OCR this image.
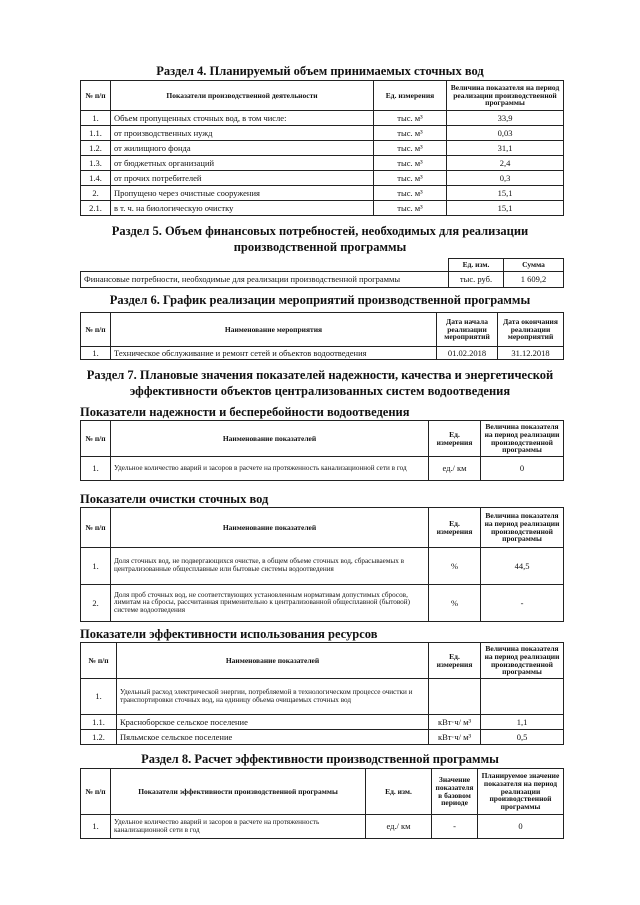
Раздел 4. Планируемый объем принимаемых сточных вод
№ п/п	Показатели производственной деятельности	Ед. измерения	Величина показателя на период реализации производственной программы
1.	Объем пропущенных сточных вод, в том числе:	тыс. м³	33,9
1.1.	от производственных нужд	тыс. м³	0,03
1.2.	от жилищного фонда	тыс. м³	31,1
1.3.	от бюджетных организаций	тыс. м³	2,4
1.4.	от прочих потребителей	тыс. м³	0,3
2.	Пропущено через очистные сооружения	тыс. м³	15,1
2.1.	в т. ч. на биологическую очистку	тыс. м³	15,1
Раздел 5. Объем финансовых потребностей, необходимых для реализации
производственной программы
	Ед. изм.	Сумма
Финансовые потребности, необходимые для реализации производственной программы	тыс. руб.	1 609,2
Раздел 6. График реализации мероприятий производственной программы
№ п/п	Наименование мероприятия	Дата начала реализации мероприятий	Дата окончания реализации мероприятий
1.	Техническое обслуживание и ремонт сетей и объектов водоотведения	01.02.2018	31.12.2018
Раздел 7. Плановые значения показателей надежности, качества и энергетической
эффективности объектов централизованных систем водоотведения
Показатели надежности и бесперебойности водоотведения
№ п/п	Наименование показателей	Ед. измерения	Величина показателя на период реализации производственной программы
1.	Удельное количество аварий и засоров в расчете на протяженность канализационной сети в год	ед./ км	0
Показатели очистки сточных вод
№ п/п	Наименование показателей	Ед. измерения	Величина показателя на период реализации производственной программы
1.	Доля сточных вод, не подвергающихся очистке, в общем объеме сточных вод, сбрасываемых в централизованные общесплавные или бытовые системы водоотведения	%	44,5
2.	Доля проб сточных вод, не соответствующих установленным нормативам допустимых сбросов, лимитам на сбросы, рассчитанная применительно к централизованной общесплавной (бытовой) системе водоотведения	%	-
Показатели эффективности использования ресурсов
№ п/п	Наименование показателей	Ед. измерения	Величина показателя на период реализации производственной программы
1.	Удельный расход электрической энергии, потребляемой в технологическом процессе очистки и транспортировки сточных вод, на единицу объема очищаемых сточных вод		
1.1.	Красноборское сельское поселение	кВт·ч/ м³	1,1
1.2.	Пяльмское сельское поселение	кВт·ч/ м³	0,5
Раздел 8. Расчет эффективности производственной программы
№ п/п	Показатели эффективности производственной программы	Ед. изм.	Значение показателя в базовом периоде	Планируемое значение показателя на период реализации производственной программы
1.	Удельное количество аварий и засоров в расчете на протяженность канализационной сети в год	ед./ км	-	0
